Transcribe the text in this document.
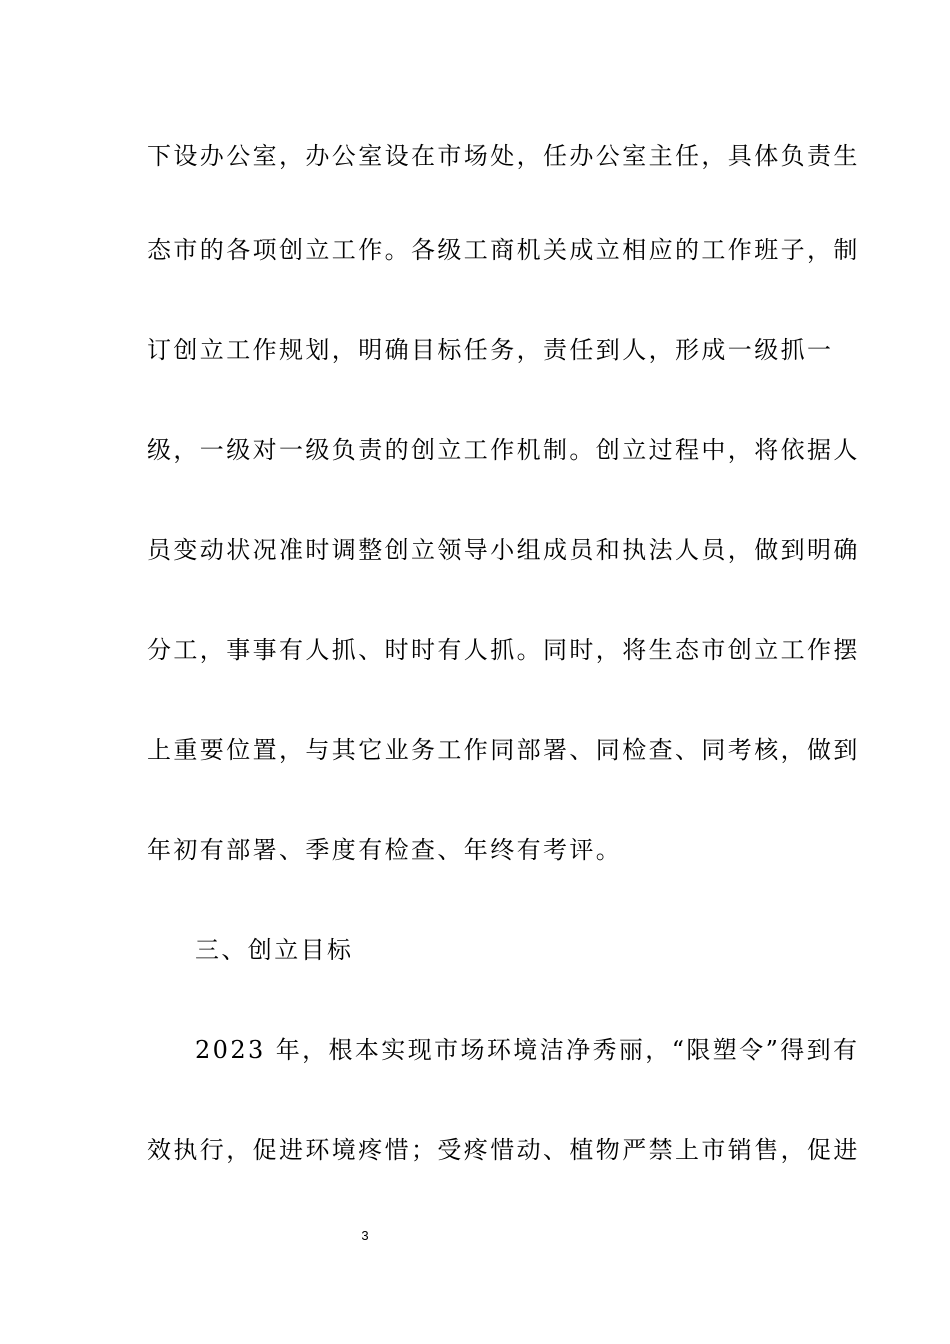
下设办公室，办公室设在市场处，任办公室主任，具体负责生
态市的各项创立工作。各级工商机关成立相应的工作班子，制
订创立工作规划，明确目标任务，责任到人，形成一级抓一
级，一级对一级负责的创立工作机制。创立过程中，将依据人
员变动状况准时调整创立领导小组成员和执法人员，做到明确
分工，事事有人抓、时时有人抓。同时，将生态市创立工作摆
上重要位置，与其它业务工作同部署、同检查、同考核，做到
年初有部署、季度有检查、年终有考评。
三、创立目标
2023 年，根本实现市场环境洁净秀丽，“限塑令”得到有
效执行，促进环境疼惜；受疼惜动、植物严禁上市销售，促进
3
